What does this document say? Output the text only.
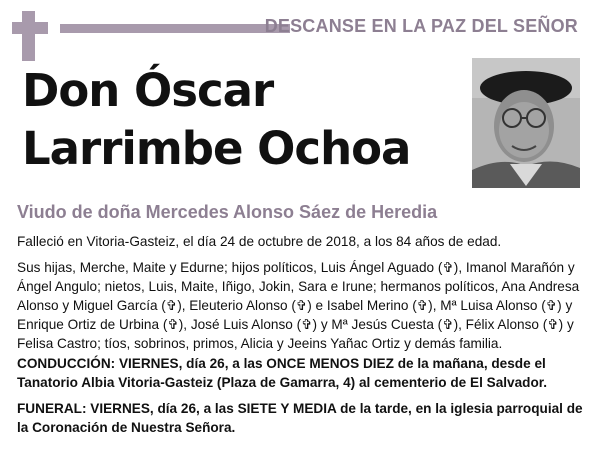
DESCANSE EN LA PAZ DEL SEÑOR
Don Óscar
Larrimbe Ochoa
Viudo de doña Mercedes Alonso Sáez de Heredia
Falleció en Vitoria-Gasteiz, el día 24 de octubre de 2018, a los 84 años de edad.
Sus hijas, Merche, Maite y Edurne; hijos políticos, Luis Ángel Aguado (✞), Imanol Marañón y Ángel Angulo; nietos, Luis, Maite, Iñigo, Jokin, Sara e Irune; hermanos políticos, Ana Andresa Alonso y Miguel García (✞), Eleuterio Alonso (✞) e Isabel Merino (✞), Mª Luisa Alonso (✞) y Enrique Ortiz de Urbina (✞), José Luis Alonso (✞) y Mª Jesús Cuesta (✞), Félix Alonso (✞) y Felisa Castro; tíos, sobrinos, primos, Alicia y Jeeins Yañac Ortiz y demás familia.
CONDUCCIÓN: VIERNES, día 26, a las ONCE MENOS DIEZ de la mañana, desde el Tanatorio Albia Vitoria-Gasteiz (Plaza de Gamarra, 4) al cementerio de El Salvador.
FUNERAL: VIERNES, día 26, a las SIETE Y MEDIA de la tarde, en la iglesia parroquial de la Coronación de Nuestra Señora.
